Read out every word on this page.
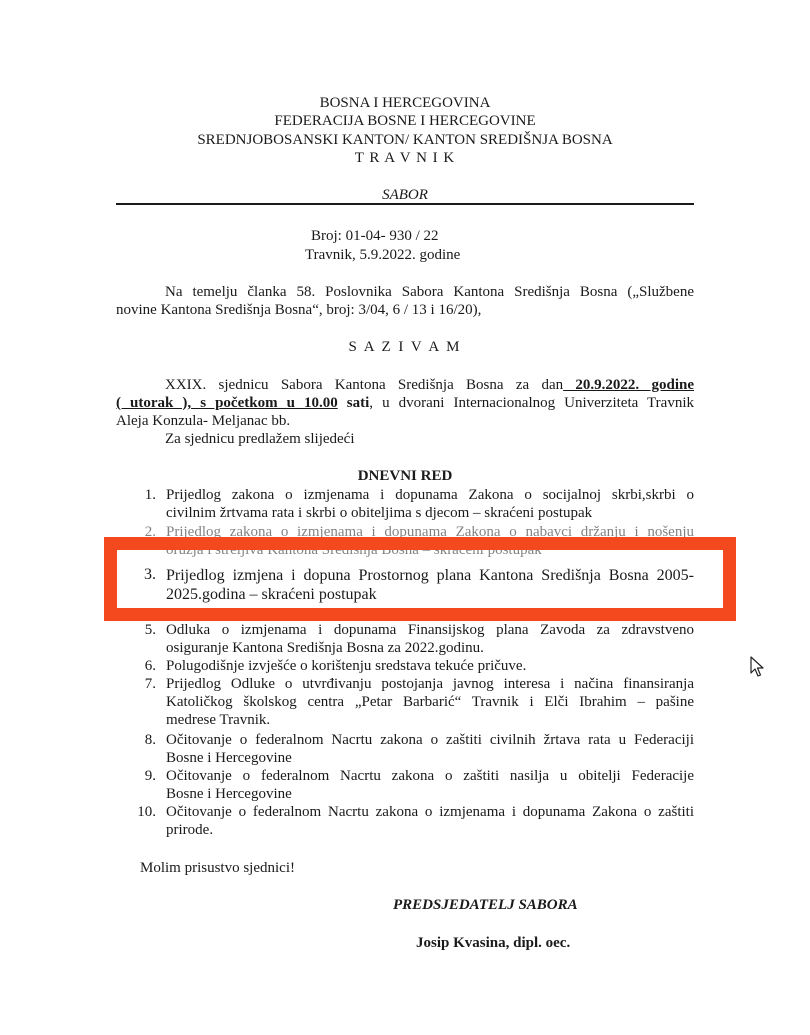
BOSNA I HERCEGOVINA
FEDERACIJA BOSNE I HERCEGOVINE
SREDNJOBOSANSKI KANTON/ KANTON SREDIŠNJA BOSNA
T R A V N I K
SABOR
Broj: 01-04- 930 / 22
Travnik, 5.9.2022. godine
Na temelju članka 58. Poslovnika Sabora Kantona Središnja Bosna („Službene
novine Kantona Središnja Bosna“, broj: 3/04, 6 / 13 i 16/20),
S A Z I V A M
XXIX. sjednicu Sabora Kantona Središnja Bosna za dan 20.9.2022. godine
( utorak ), s početkom u 10.00 sati, u dvorani Internacionalnog Univerziteta Travnik
Aleja Konzula- Meljanac bb.
Za sjednicu predlažem slijedeći
DNEVNI RED
1. Prijedlog zakona o izmjenama i dopunama Zakona o socijalnoj skrbi,skrbi o
civilnim žrtvama rata i skrbi o obiteljima s djecom – skraćeni postupak
2. Prijedlog zakona o izmjenama i dopunama Zakona o nabavci držanju i nošenju
oružja i streljiva Kantona Središnja Bosna – skraćeni postupak
3. Prijedlog izmjena i dopuna Prostornog plana Kantona Središnja Bosna 2005-
2025.godina – skraćeni postupak
5. Odluka o izmjenama i dopunama Finansijskog plana Zavoda za zdravstveno
osiguranje Kantona Središnja Bosna za 2022.godinu.
6. Polugodišnje izvješće o korištenju sredstava tekuće pričuve.
7. Prijedlog Odluke o utvrđivanju postojanja javnog interesa i načina finansiranja
Katoličkog školskog centra „Petar Barbarić“ Travnik i Elči Ibrahim – pašine
medrese Travnik.
8. Očitovanje o federalnom Nacrtu zakona o zaštiti civilnih žrtava rata u Federaciji
Bosne i Hercegovine
9. Očitovanje o federalnom Nacrtu zakona o zaštiti nasilja u obitelji Federacije
Bosne i Hercegovine
10. Očitovanje o federalnom Nacrtu zakona o izmjenama i dopunama Zakona o zaštiti
prirode.
Molim prisustvo sjednici!
PREDSJEDATELJ SABORA
Josip Kvasina, dipl. oec.
